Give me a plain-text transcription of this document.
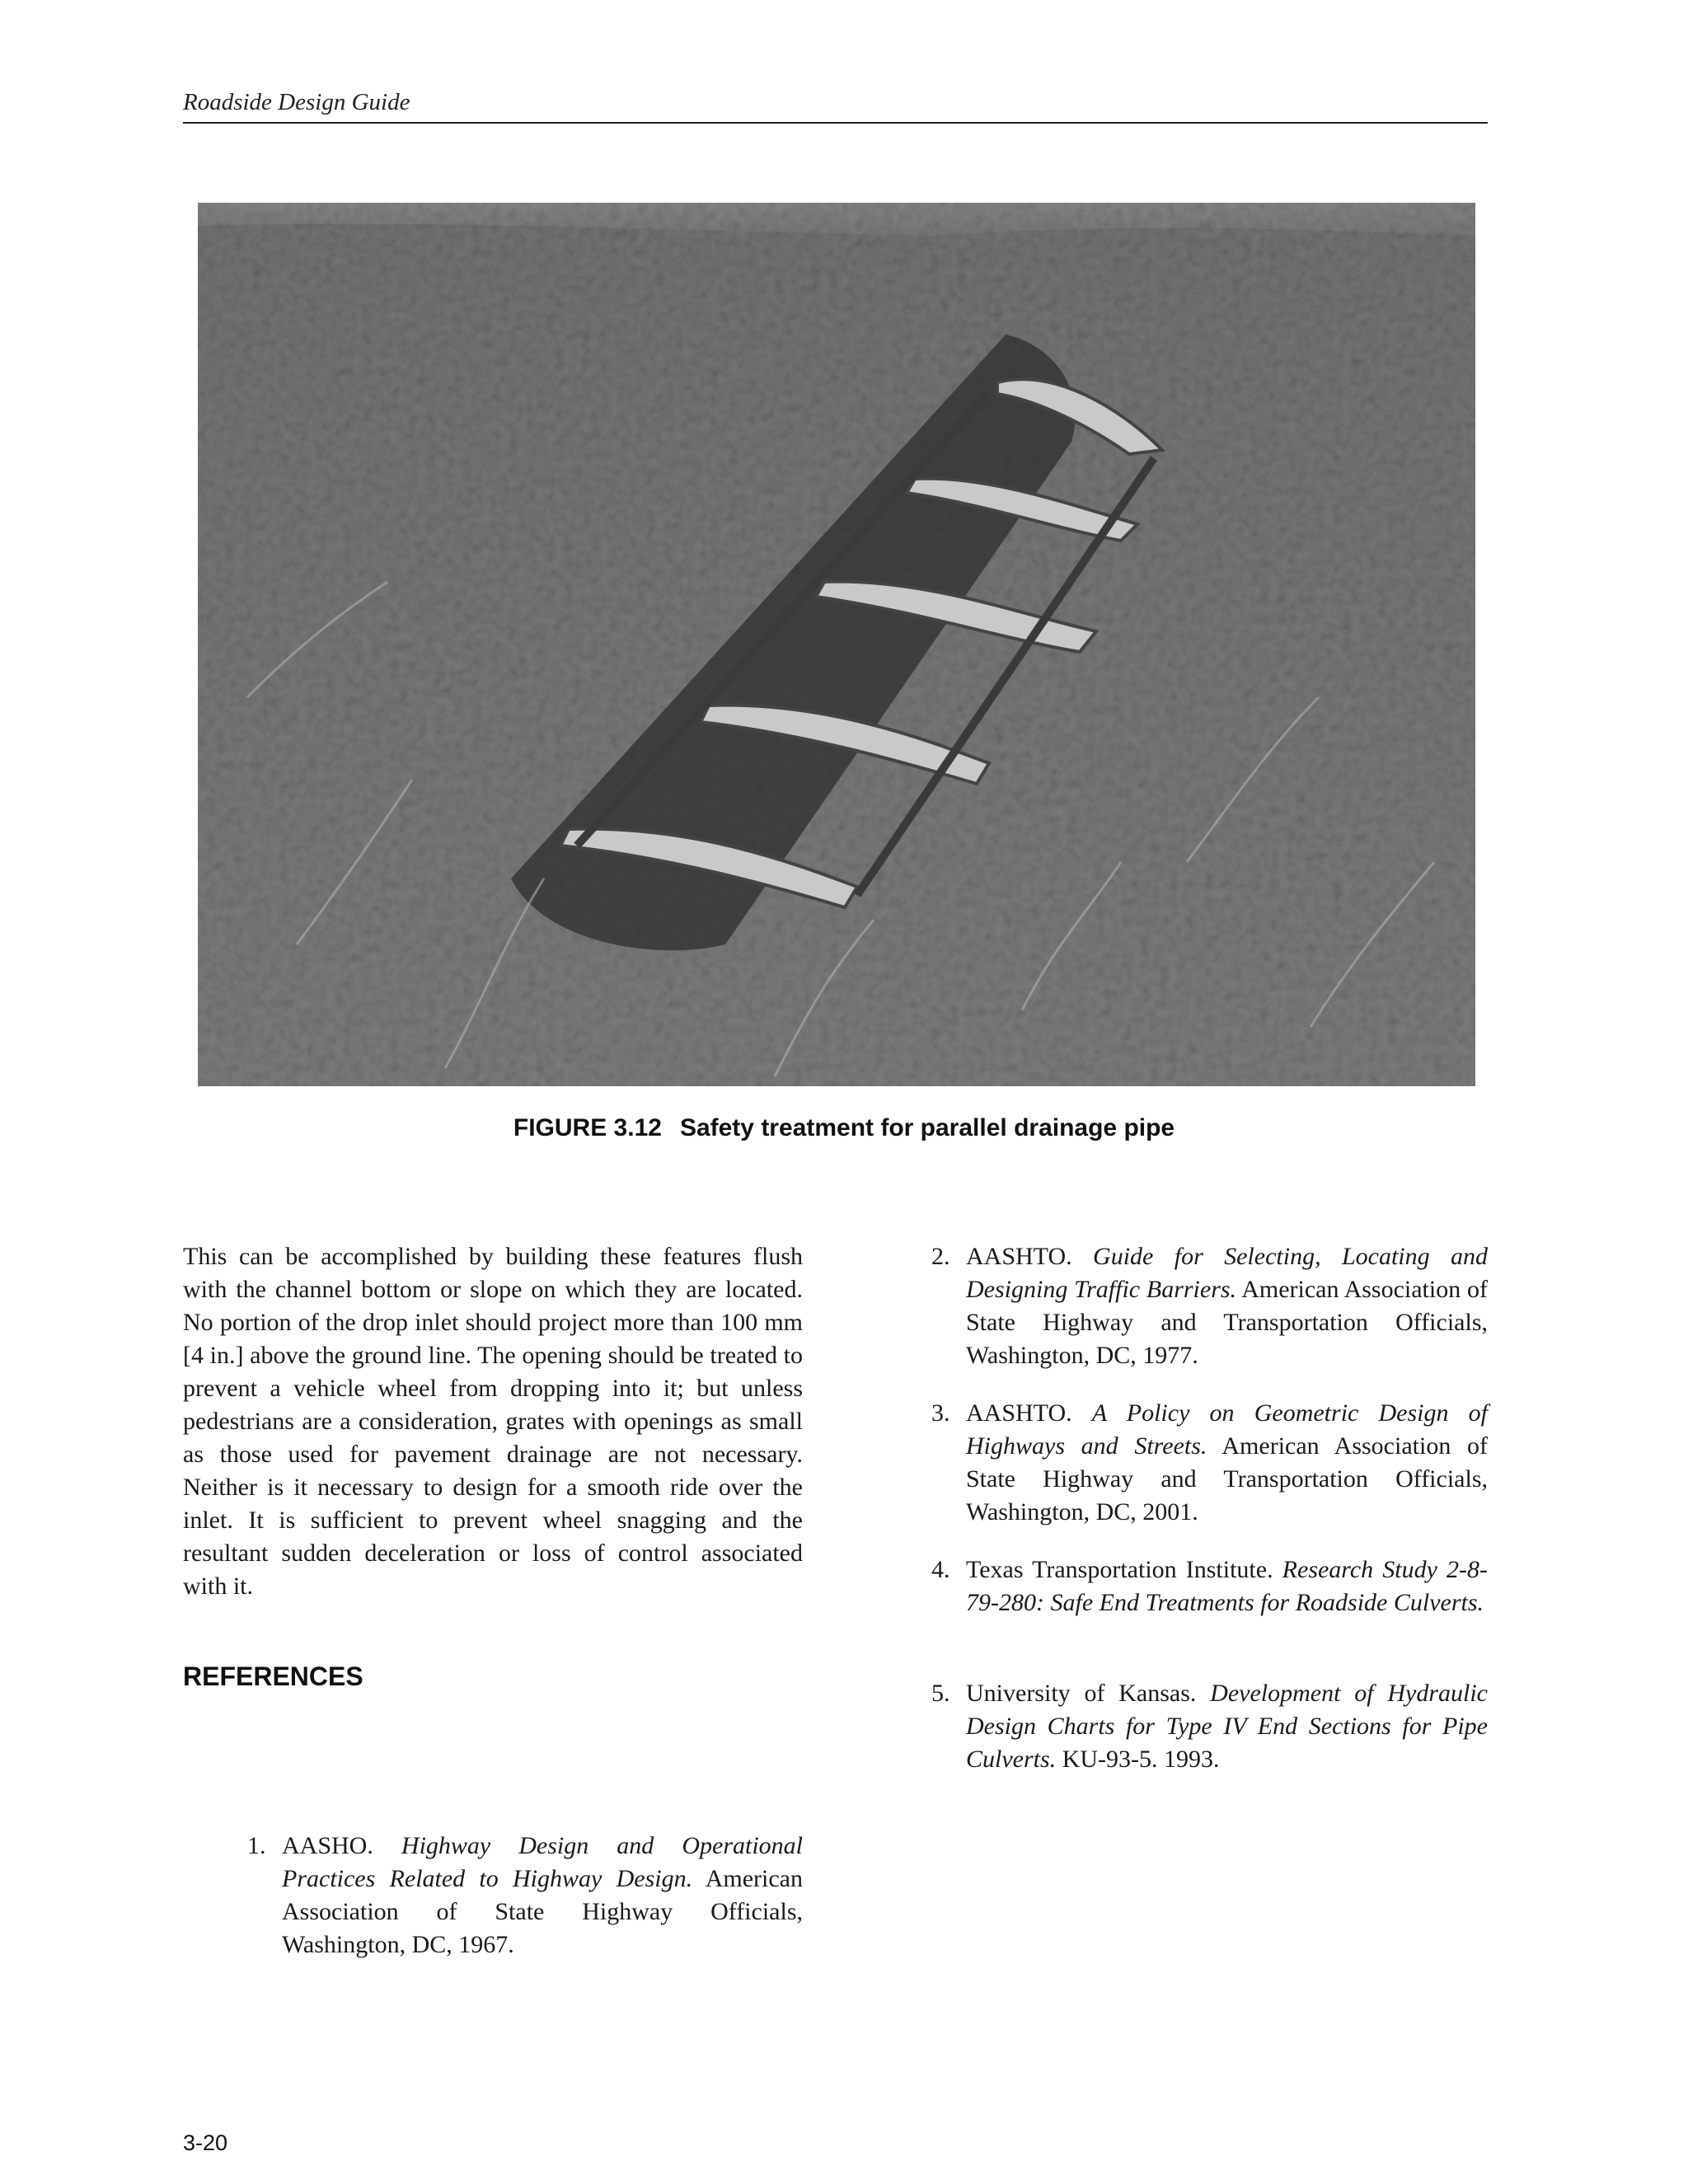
Roadside Design Guide
FIGURE 3.12 Safety treatment for parallel drainage pipe

This can be accomplished by building these features flush with the channel bottom or slope on which they are located. No portion of the drop inlet should project more than 100 mm [4 in.] above the ground line. The opening should be treated to prevent a vehicle wheel from dropping into it; but unless pedestrians are a consideration, grates with openings as small as those used for pavement drainage are not necessary. Neither is it necessary to design for a smooth ride over the inlet. It is sufficient to prevent wheel snagging and the resultant sudden deceleration or loss of control associated with it.

REFERENCES

1. AASHO. Highway Design and Operational Practices Related to Highway Design. American Association of State Highway Officials, Washington, DC, 1967.

2. AASHTO. Guide for Selecting, Locating and Designing Traffic Barriers. American Association of State Highway and Transportation Officials, Washington, DC, 1977.

3. AASHTO. A Policy on Geometric Design of Highways and Streets. American Association of State Highway and Transportation Officials, Washington, DC, 2001.

4. Texas Transportation Institute. Research Study 2-8-79-280: Safe End Treatments for Roadside Culverts.

5. University of Kansas. Development of Hydraulic Design Charts for Type IV End Sections for Pipe Culverts. KU-93-5. 1993.

3-20
